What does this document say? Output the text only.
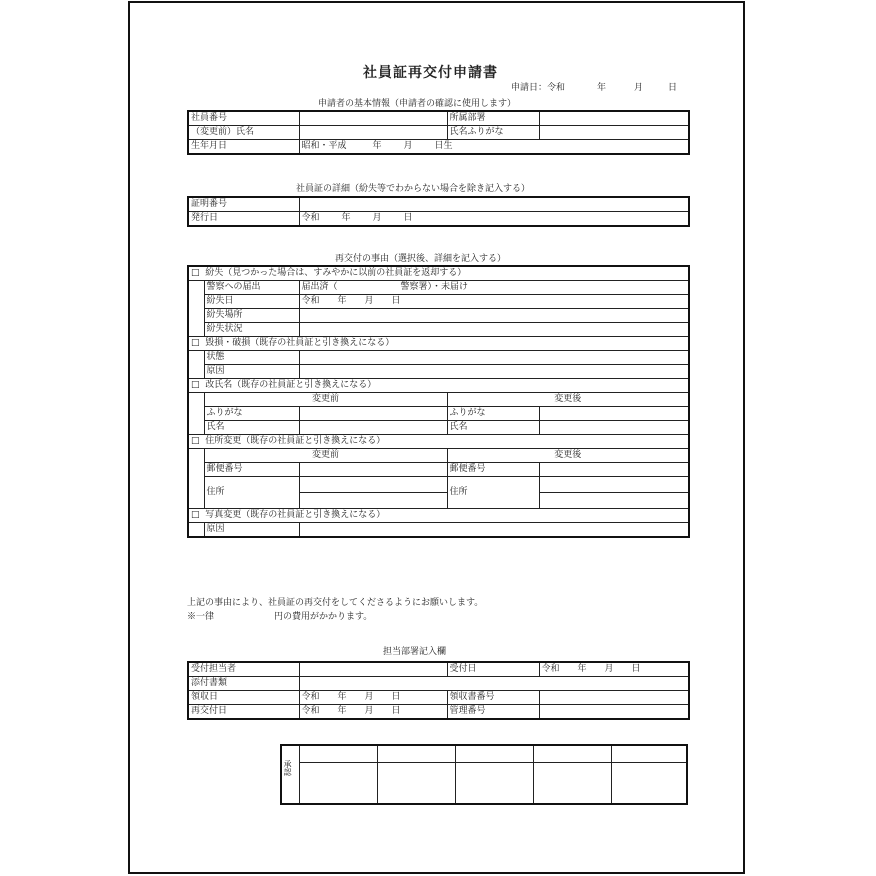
社員証再交付申請書
申請日：令和	年	月	日
申請者の基本情報（申請者の確認に使用します）
社員番号		所属部署	
（変更前）氏名		氏名ふりがな	
生年月日	昭和・平成 年 月 日生		
社員証の詳細（紛失等でわからない場合を除き記入する）
証明番号	
発行日	令和 年 月 日
再交付の事由（選択後、詳細を記入する）
□ 紛失（見つかった場合は、すみやかに以前の社員証を返却する）				
	警察への届出	届出済（　　　　　　　警察署）・未届け		
	紛失日	令和　　年　　月　　日		
	紛失場所			
	紛失状況			
□ 毀損・破損（既存の社員証と引き換えになる）				
	状態			
	原因			
□ 改氏名（既存の社員証と引き換えになる）				
	変更前		変更後	
	ふりがな		ふりがな	
	氏名		氏名	
□ 住所変更（既存の社員証と引き換えになる）				
	変更前		変更後	
	郵便番号		郵便番号	
	住所		住所	

□ 写真変更（既存の社員証と引き換えになる）				
	原因			
上記の事由により、社員証の再交付をしてくださるようにお願いします。
※一律	円の費用がかかります。
担当部署記入欄
受付担当者		受付日	令和　　年　　月　　日
添付書類			
領収日	令和　　年　　月　　日	領収書番号	
再交付日	令和　　年　　月　　日	管理番号	
承認					
